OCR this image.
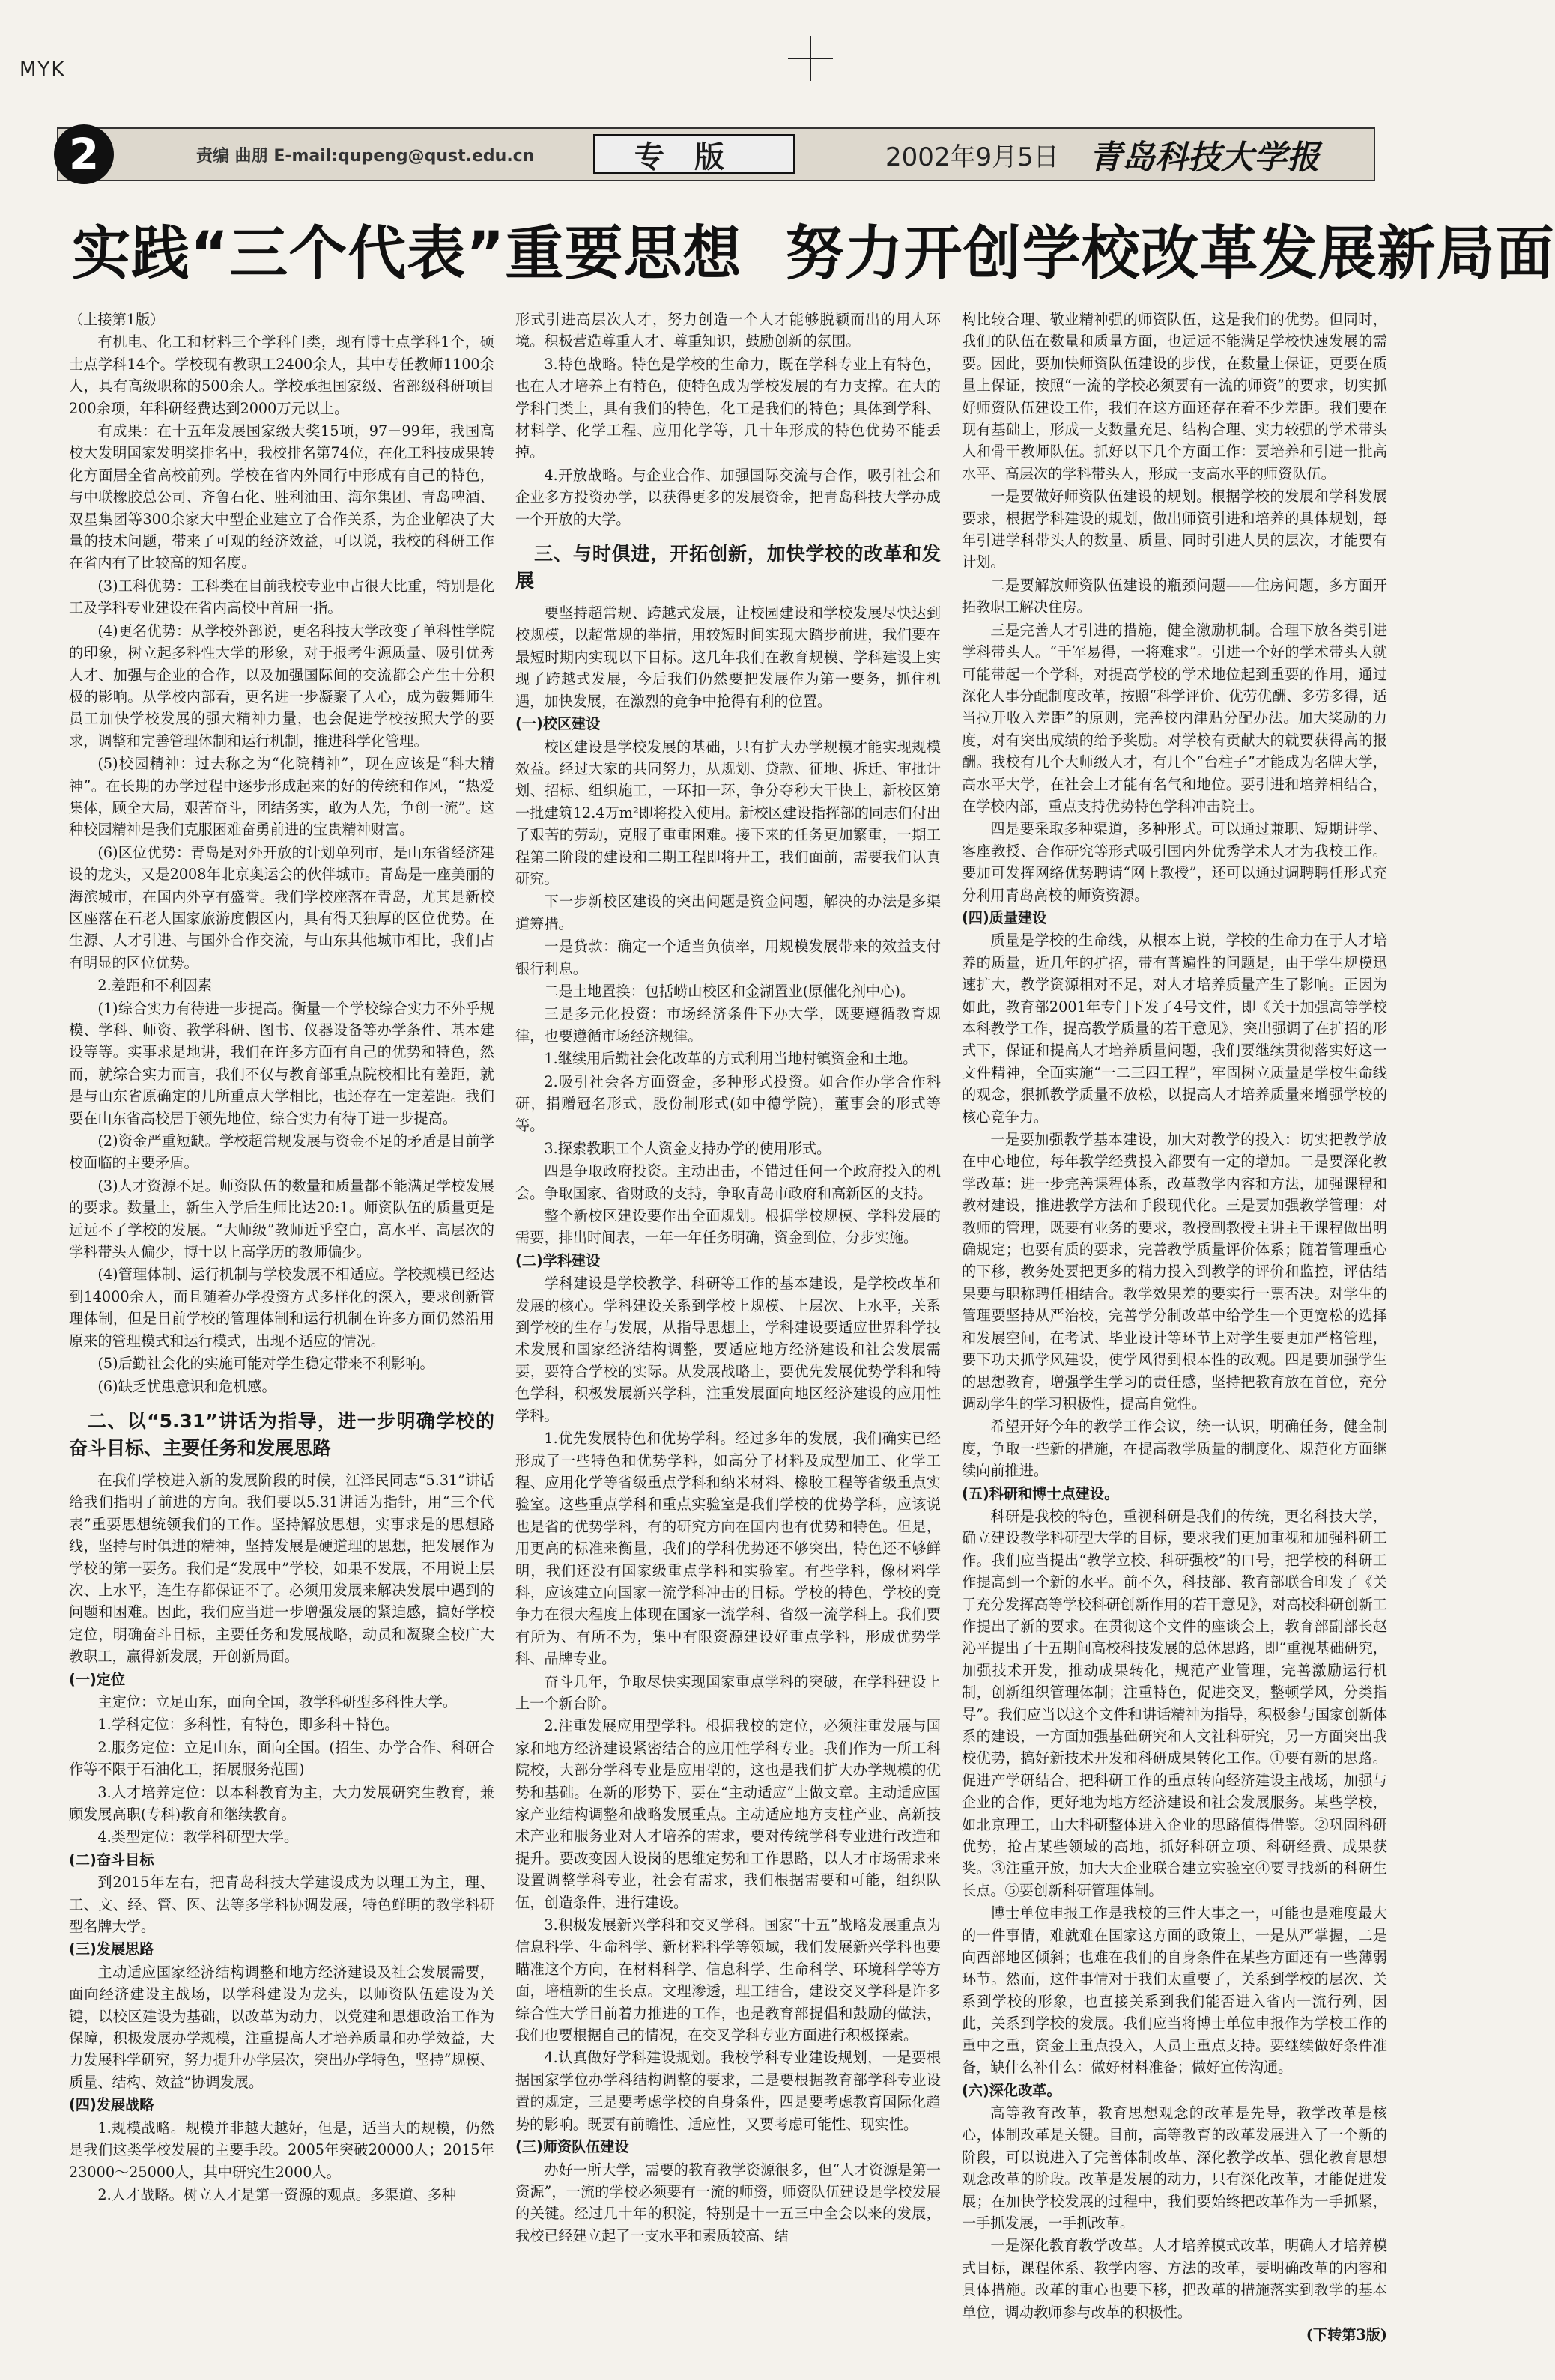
MYK
2	责编 曲朋 E-mail:qupeng@qust.edu.cn	专版	2002年9月5日 青岛科技大学报
实践“三个代表”重要思想 努力开创学校改革发展新局面

（上接第1版）

有机电、化工和材料三个学科门类，现有博士点学科1个，硕士点学科14个。学校现有教职工2400余人，其中专任教师1100余人，具有高级职称的500余人。学校承担国家级、省部级科研项目200余项，年科研经费达到2000万元以上。

有成果：在十五年发展国家级大奖15项，97－99年，我国高校大发明国家发明奖排名中，我校排名第74位，在化工科技成果转化方面居全省高校前列。学校在省内外同行中形成有自己的特色，与中联橡胶总公司、齐鲁石化、胜利油田、海尔集团、青岛啤酒、双星集团等300余家大中型企业建立了合作关系，为企业解决了大量的技术问题，带来了可观的经济效益，可以说，我校的科研工作在省内有了比较高的知名度。

(3)工科优势：工科类在目前我校专业中占很大比重，特别是化工及学科专业建设在省内高校中首屈一指。

(4)更名优势：从学校外部说，更名科技大学改变了单科性学院的印象，树立起多科性大学的形象，对于报考生源质量、吸引优秀人才、加强与企业的合作，以及加强国际间的交流都会产生十分积极的影响。从学校内部看，更名进一步凝聚了人心，成为鼓舞师生员工加快学校发展的强大精神力量，也会促进学校按照大学的要求，调整和完善管理体制和运行机制，推进科学化管理。

(5)校园精神：过去称之为“化院精神”，现在应该是“科大精神”。在长期的办学过程中逐步形成起来的好的传统和作风，“热爱集体，顾全大局，艰苦奋斗，团结务实，敢为人先，争创一流”。这种校园精神是我们克服困难奋勇前进的宝贵精神财富。

(6)区位优势：青岛是对外开放的计划单列市，是山东省经济建设的龙头，又是2008年北京奥运会的伙伴城市。青岛是一座美丽的海滨城市，在国内外享有盛誉。我们学校座落在青岛，尤其是新校区座落在石老人国家旅游度假区内，具有得天独厚的区位优势。在生源、人才引进、与国外合作交流，与山东其他城市相比，我们占有明显的区位优势。

2.差距和不利因素

(1)综合实力有待进一步提高。衡量一个学校综合实力不外乎规模、学科、师资、教学科研、图书、仪器设备等办学条件、基本建设等等。实事求是地讲，我们在许多方面有自己的优势和特色，然而，就综合实力而言，我们不仅与教育部重点院校相比有差距，就是与山东省原确定的几所重点大学相比，也还存在一定差距。我们要在山东省高校居于领先地位，综合实力有待于进一步提高。

(2)资金严重短缺。学校超常规发展与资金不足的矛盾是目前学校面临的主要矛盾。

(3)人才资源不足。师资队伍的数量和质量都不能满足学校发展的要求。数量上，新生入学后生师比达20:1。师资队伍的质量更是远远不了学校的发展。“大师级”教师近乎空白，高水平、高层次的学科带头人偏少，博士以上高学历的教师偏少。

(4)管理体制、运行机制与学校发展不相适应。学校规模已经达到14000余人，而且随着办学投资方式多样化的深入，要求创新管理体制，但是目前学校的管理体制和运行机制在许多方面仍然沿用原来的管理模式和运行模式，出现不适应的情况。

(5)后勤社会化的实施可能对学生稳定带来不利影响。

(6)缺乏忧患意识和危机感。

二、以“5.31”讲话为指导，进一步明确学校的奋斗目标、主要任务和发展思路

在我们学校进入新的发展阶段的时候，江泽民同志“5.31”讲话给我们指明了前进的方向。我们要以5.31讲话为指针，用“三个代表”重要思想统领我们的工作。坚持解放思想，实事求是的思想路线，坚持与时俱进的精神，坚持发展是硬道理的思想，把发展作为学校的第一要务。我们是“发展中”学校，如果不发展，不用说上层次、上水平，连生存都保证不了。必须用发展来解决发展中遇到的问题和困难。因此，我们应当进一步增强发展的紧迫感，搞好学校定位，明确奋斗目标，主要任务和发展战略，动员和凝聚全校广大教职工，赢得新发展，开创新局面。

(一)定位

主定位：立足山东，面向全国，教学科研型多科性大学。

1.学科定位：多科性，有特色，即多科＋特色。

2.服务定位：立足山东，面向全国。(招生、办学合作、科研合作等不限于石油化工，拓展服务范围)

3.人才培养定位：以本科教育为主，大力发展研究生教育，兼顾发展高职(专科)教育和继续教育。

4.类型定位：教学科研型大学。

(二)奋斗目标

到2015年左右，把青岛科技大学建设成为以理工为主，理、工、文、经、管、医、法等多学科协调发展，特色鲜明的教学科研型名牌大学。

(三)发展思路

主动适应国家经济结构调整和地方经济建设及社会发展需要，面向经济建设主战场，以学科建设为龙头，以师资队伍建设为关键，以校区建设为基础，以改革为动力，以党建和思想政治工作为保障，积极发展办学规模，注重提高人才培养质量和办学效益，大力发展科学研究，努力提升办学层次，突出办学特色，坚持“规模、质量、结构、效益”协调发展。

(四)发展战略

1.规模战略。规模并非越大越好，但是，适当大的规模，仍然是我们这类学校发展的主要手段。2005年突破20000人；2015年23000～25000人，其中研究生2000人。

2.人才战略。树立人才是第一资源的观点。多渠道、多种

形式引进高层次人才，努力创造一个人才能够脱颖而出的用人环境。积极营造尊重人才、尊重知识，鼓励创新的氛围。

3.特色战略。特色是学校的生命力，既在学科专业上有特色，也在人才培养上有特色，使特色成为学校发展的有力支撑。在大的学科门类上，具有我们的特色，化工是我们的特色；具体到学科、材料学、化学工程、应用化学等，几十年形成的特色优势不能丢掉。

4.开放战略。与企业合作、加强国际交流与合作，吸引社会和企业多方投资办学，以获得更多的发展资金，把青岛科技大学办成一个开放的大学。

三、与时俱进，开拓创新，加快学校的改革和发展

要坚持超常规、跨越式发展，让校园建设和学校发展尽快达到校规模，以超常规的举措，用较短时间实现大踏步前进，我们要在最短时期内实现以下目标。这几年我们在教育规模、学科建设上实现了跨越式发展，今后我们仍然要把发展作为第一要务，抓住机遇，加快发展，在激烈的竞争中抢得有利的位置。

(一)校区建设

校区建设是学校发展的基础，只有扩大办学规模才能实现规模效益。经过大家的共同努力，从规划、贷款、征地、拆迁、审批计划、招标、组织施工，一环扣一环，争分夺秒大干快上，新校区第一批建筑12.4万m²即将投入使用。新校区建设指挥部的同志们付出了艰苦的劳动，克服了重重困难。接下来的任务更加繁重，一期工程第二阶段的建设和二期工程即将开工，我们面前，需要我们认真研究。

下一步新校区建设的突出问题是资金问题，解决的办法是多渠道筹措。

一是贷款：确定一个适当负债率，用规模发展带来的效益支付银行利息。

二是土地置换：包括崂山校区和金湖置业(原催化剂中心)。

三是多元化投资：市场经济条件下办大学，既要遵循教育规律，也要遵循市场经济规律。

1.继续用后勤社会化改革的方式利用当地村镇资金和土地。

2.吸引社会各方面资金，多种形式投资。如合作办学合作科研，捐赠冠名形式，股份制形式(如中德学院)，董事会的形式等等。

3.探索教职工个人资金支持办学的使用形式。

四是争取政府投资。主动出击，不错过任何一个政府投入的机会。争取国家、省财政的支持，争取青岛市政府和高新区的支持。

整个新校区建设要作出全面规划。根据学校规模、学科发展的需要，排出时间表，一年一年任务明确，资金到位，分步实施。

(二)学科建设

学科建设是学校教学、科研等工作的基本建设，是学校改革和发展的核心。学科建设关系到学校上规模、上层次、上水平，关系到学校的生存与发展，从指导思想上，学科建设要适应世界科学技术发展和国家经济结构调整，要适应地方经济建设和社会发展需要，要符合学校的实际。从发展战略上，要优先发展优势学科和特色学科，积极发展新兴学科，注重发展面向地区经济建设的应用性学科。

1.优先发展特色和优势学科。经过多年的发展，我们确实已经形成了一些特色和优势学科，如高分子材料及成型加工、化学工程、应用化学等省级重点学科和纳米材料、橡胶工程等省级重点实验室。这些重点学科和重点实验室是我们学校的优势学科，应该说也是省的优势学科，有的研究方向在国内也有优势和特色。但是，用更高的标准来衡量，我们的学科优势还不够突出，特色还不够鲜明，我们还没有国家级重点学科和实验室。有些学科，像材料学科，应该建立向国家一流学科冲击的目标。学校的特色，学校的竞争力在很大程度上体现在国家一流学科、省级一流学科上。我们要有所为、有所不为，集中有限资源建设好重点学科，形成优势学科、品牌专业。

奋斗几年，争取尽快实现国家重点学科的突破，在学科建设上上一个新台阶。

2.注重发展应用型学科。根据我校的定位，必须注重发展与国家和地方经济建设紧密结合的应用性学科专业。我们作为一所工科院校，大部分学科专业是应用型的，这也是我们扩大办学规模的优势和基础。在新的形势下，要在“主动适应”上做文章。主动适应国家产业结构调整和战略发展重点。主动适应地方支柱产业、高新技术产业和服务业对人才培养的需求，要对传统学科专业进行改造和提升。要改变因人设岗的思维定势和工作思路，以人才市场需求来设置调整学科专业，社会有需求，我们根据需要和可能，组织队伍，创造条件，进行建设。

3.积极发展新兴学科和交叉学科。国家“十五”战略发展重点为信息科学、生命科学、新材料科学等领域，我们发展新兴学科也要瞄准这个方向，在材料科学、信息科学、生命科学、环境科学等方面，培植新的生长点。文理渗透，理工结合，建设交叉学科是许多综合性大学目前着力推进的工作，也是教育部提倡和鼓励的做法，我们也要根据自己的情况，在交叉学科专业方面进行积极探索。

4.认真做好学科建设规划。我校学科专业建设规划，一是要根据国家学位办学科结构调整的要求，二是要根据教育部学科专业设置的规定，三是要考虑学校的自身条件，四是要考虑教育国际化趋势的影响。既要有前瞻性、适应性，又要考虑可能性、现实性。

(三)师资队伍建设

办好一所大学，需要的教育教学资源很多，但“人才资源是第一资源”，一流的学校必须要有一流的师资，师资队伍建设是学校发展的关键。经过几十年的积淀，特别是十一五三中全会以来的发展，我校已经建立起了一支水平和素质较高、结

构比较合理、敬业精神强的师资队伍，这是我们的优势。但同时，我们的队伍在数量和质量方面，也远远不能满足学校快速发展的需要。因此，要加快师资队伍建设的步伐，在数量上保证，更要在质量上保证，按照“一流的学校必须要有一流的师资”的要求，切实抓好师资队伍建设工作，我们在这方面还存在着不少差距。我们要在现有基础上，形成一支数量充足、结构合理、实力较强的学术带头人和骨干教师队伍。抓好以下几个方面工作：要培养和引进一批高水平、高层次的学科带头人，形成一支高水平的师资队伍。

一是要做好师资队伍建设的规划。根据学校的发展和学科发展要求，根据学科建设的规划，做出师资引进和培养的具体规划，每年引进学科带头人的数量、质量、同时引进人员的层次，才能要有计划。

二是要解放师资队伍建设的瓶颈问题——住房问题，多方面开拓教职工解决住房。

三是完善人才引进的措施，健全激励机制。合理下放各类引进学科带头人。“千军易得，一将难求”。引进一个好的学术带头人就可能带起一个学科，对提高学校的学术地位起到重要的作用，通过深化人事分配制度改革，按照“科学评价、优劳优酬、多劳多得，适当拉开收入差距”的原则，完善校内津贴分配办法。加大奖励的力度，对有突出成绩的给予奖励。对学校有贡献大的就要获得高的报酬。我校有几个大师级人才，有几个“台柱子”才能成为名牌大学，高水平大学，在社会上才能有名气和地位。要引进和培养相结合，在学校内部，重点支持优势特色学科冲击院士。

四是要采取多种渠道，多种形式。可以通过兼职、短期讲学、客座教授、合作研究等形式吸引国内外优秀学术人才为我校工作。要加可发挥网络优势聘请“网上教授”，还可以通过调聘聘任形式充分利用青岛高校的师资资源。

(四)质量建设

质量是学校的生命线，从根本上说，学校的生命力在于人才培养的质量，近几年的扩招，带有普遍性的问题是，由于学生规模迅速扩大，教学资源相对不足，对人才培养质量产生了影响。正因为如此，教育部2001年专门下发了4号文件，即《关于加强高等学校本科教学工作，提高教学质量的若干意见》，突出强调了在扩招的形式下，保证和提高人才培养质量问题，我们要继续贯彻落实好这一文件精神，全面实施“一二三四工程”，牢固树立质量是学校生命线的观念，狠抓教学质量不放松，以提高人才培养质量来增强学校的核心竞争力。

一是要加强教学基本建设，加大对教学的投入：切实把教学放在中心地位，每年教学经费投入都要有一定的增加。二是要深化教学改革：进一步完善课程体系，改革教学内容和方法，加强课程和教材建设，推进教学方法和手段现代化。三是要加强教学管理：对教师的管理，既要有业务的要求，教授副教授主讲主干课程做出明确规定；也要有质的要求，完善教学质量评价体系；随着管理重心的下移，教务处要把更多的精力投入到教学的评价和监控，评估结果要与职称聘任相结合。教学效果差的要实行一票否决。对学生的管理要坚持从严治校，完善学分制改革中给学生一个更宽松的选择和发展空间，在考试、毕业设计等环节上对学生要更加严格管理，要下功夫抓学风建设，使学风得到根本性的改观。四是要加强学生的思想教育，增强学生学习的责任感，坚持把教育放在首位，充分调动学生的学习积极性，提高自觉性。

希望开好今年的教学工作会议，统一认识，明确任务，健全制度，争取一些新的措施，在提高教学质量的制度化、规范化方面继续向前推进。

(五)科研和博士点建设。

科研是我校的特色，重视科研是我们的传统，更名科技大学，确立建设教学科研型大学的目标，要求我们更加重视和加强科研工作。我们应当提出“教学立校、科研强校”的口号，把学校的科研工作提高到一个新的水平。前不久，科技部、教育部联合印发了《关于充分发挥高等学校科研创新作用的若干意见》，对高校科研创新工作提出了新的要求。在贯彻这个文件的座谈会上，教育部副部长赵沁平提出了十五期间高校科技发展的总体思路，即“重视基础研究，加强技术开发，推动成果转化，规范产业管理，完善激励运行机制，创新组织管理体制；注重特色，促进交叉，整顿学风，分类指导”。我们应当以这个文件和讲话精神为指导，积极参与国家创新体系的建设，一方面加强基础研究和人文社科研究，另一方面突出我校优势，搞好新技术开发和科研成果转化工作。①要有新的思路。促进产学研结合，把科研工作的重点转向经济建设主战场，加强与企业的合作，更好地为地方经济建设和社会发展服务。某些学校，如北京理工，山大科研整体进入企业的思路值得借鉴。②巩固科研优势，抢占某些领域的高地，抓好科研立项、科研经费、成果获奖。③注重开放，加大大企业联合建立实验室④要寻找新的科研生长点。⑤要创新科研管理体制。

博士单位申报工作是我校的三件大事之一，可能也是难度最大的一件事情，难就难在国家这方面的政策上，一是从严掌握，二是向西部地区倾斜；也难在我们的自身条件在某些方面还有一些薄弱环节。然而，这件事情对于我们太重要了，关系到学校的层次、关系到学校的形象，也直接关系到我们能否进入省内一流行列，因此，关系到学校的发展。我们应当将博士单位申报作为学校工作的重中之重，资金上重点投入，人员上重点支持。要继续做好条件准备，缺什么补什么：做好材料准备；做好宣传沟通。

(六)深化改革。

高等教育改革，教育思想观念的改革是先导，教学改革是核心，体制改革是关键。目前，高等教育的改革发展进入了一个新的阶段，可以说进入了完善体制改革、深化教学改革、强化教育思想观念改革的阶段。改革是发展的动力，只有深化改革，才能促进发展；在加快学校发展的过程中，我们要始终把改革作为一手抓紧，一手抓发展，一手抓改革。

一是深化教育教学改革。人才培养模式改革，明确人才培养模式目标，课程体系、教学内容、方法的改革，要明确改革的内容和具体措施。改革的重心也要下移，把改革的措施落实到教学的基本单位，调动教师参与改革的积极性。

(下转第3版)
